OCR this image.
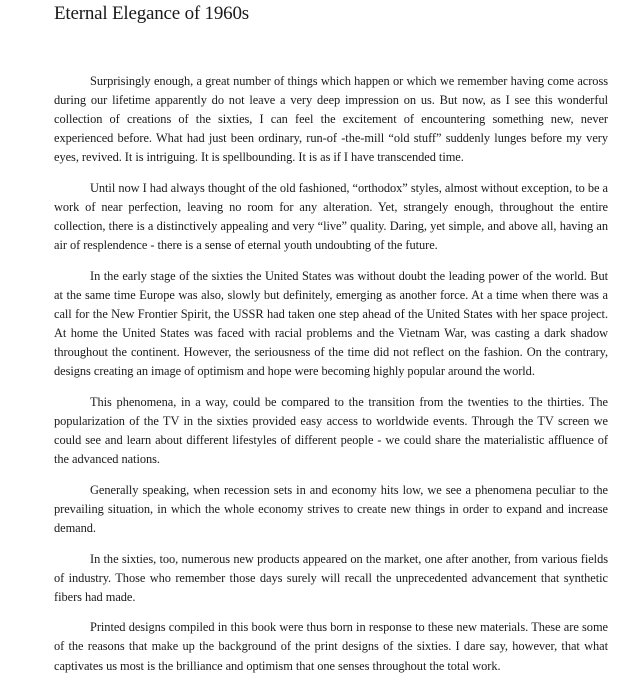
Eternal Elegance of 1960s

Surprisingly enough, a great number of things which happen or which we remember having come across during our lifetime apparently do not leave a very deep impression on us. But now, as I see this wonderful collection of creations of the sixties, I can feel the excitement of encountering something new, never experienced before. What had just been ordinary, run-of -the-mill “old stuff” suddenly lunges before my very eyes, revived. It is intriguing. It is spellbounding. It is as if I have transcended time.

Until now I had always thought of the old fashioned, “orthodox” styles, almost without exception, to be a work of near perfection, leaving no room for any alteration. Yet, strangely enough, throughout the entire collection, there is a distinctively appealing and very “live” quality. Daring, yet simple, and above all, having an air of resplendence - there is a sense of eternal youth undoubting of the future.

In the early stage of the sixties the United States was without doubt the leading power of the world. But at the same time Europe was also, slowly but definitely, emerging as another force. At a time when there was a call for the New Frontier Spirit, the USSR had taken one step ahead of the United States with her space project. At home the United States was faced with racial problems and the Vietnam War, was casting a dark shadow throughout the continent. However, the seriousness of the time did not reflect on the fashion. On the contrary, designs creating an image of optimism and hope were becoming highly popular around the world.

This phenomena, in a way, could be compared to the transition from the twenties to the thirties. The popularization of the TV in the sixties provided easy access to worldwide events. Through the TV screen we could see and learn about different lifestyles of different people - we could share the materialistic affluence of the advanced nations.

Generally speaking, when recession sets in and economy hits low, we see a phenomena peculiar to the prevailing situation, in which the whole economy strives to create new things in order to expand and increase demand.

In the sixties, too, numerous new products appeared on the market, one after another, from various fields of industry. Those who remember those days surely will recall the unprecedented advancement that synthetic fibers had made.

Printed designs compiled in this book were thus born in response to these new materials. These are some of the reasons that make up the background of the print designs of the sixties. I dare say, however, that what captivates us most is the brilliance and optimism that one senses throughout the total work.
